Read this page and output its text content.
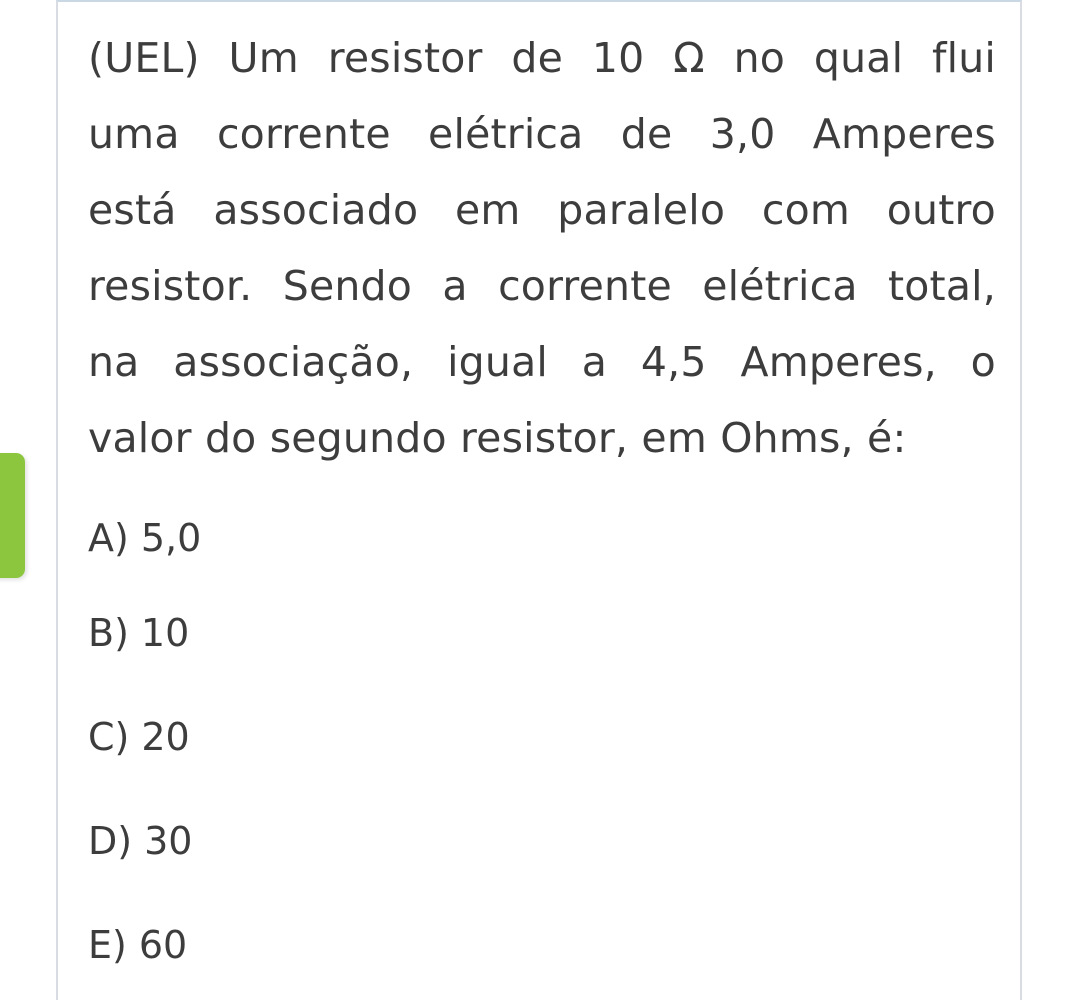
(UEL) Um resistor de 10 Ω no qual flui
uma corrente elétrica de 3,0 Amperes
está associado em paralelo com outro
resistor. Sendo a corrente elétrica total,
na associação, igual a 4,5 Amperes, o
valor do segundo resistor, em Ohms, é:
A) 5,0
B) 10
C) 20
D) 30
E) 60
